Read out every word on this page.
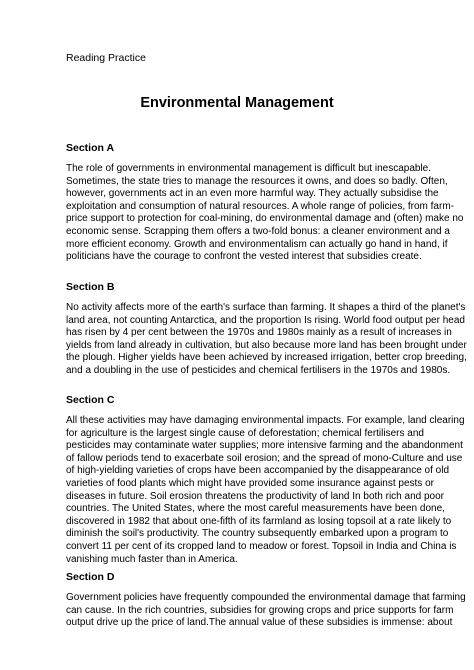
Reading Practice
Environmental Management
Section A
The role of governments in environmental management is difficult but inescapable.
Sometimes, the state tries to manage the resources it owns, and does so badly. Often,
however, governments act in an even more harmful way. They actually subsidise the
exploitation and consumption of natural resources. A whole range of policies, from farm-
price support to protection for coal-mining, do environmental damage and (often) make no
economic sense. Scrapping them offers a two-fold bonus: a cleaner environment and a
more efficient economy. Growth and environmentalism can actually go hand in hand, if
politicians have the courage to confront the vested interest that subsidies create.
Section B
No activity affects more of the earth's surface than farming. It shapes a third of the planet's
land area, not counting Antarctica, and the proportion Is rising. World food output per head
has risen by 4 per cent between the 1970s and 1980s mainly as a result of increases in
yields from land already in cultivation, but also because more land has been brought under
the plough. Higher yields have been achieved by increased irrigation, better crop breeding,
and a doubling in the use of pesticides and chemical fertilisers in the 1970s and 1980s.
Section C
All these activities may have damaging environmental impacts. For example, land clearing
for agriculture is the largest single cause of deforestation; chemical fertilisers and
pesticides may contaminate water supplies; more intensive farming and the abandonment
of fallow periods tend to exacerbate soil erosion; and the spread of mono-Culture and use
of high-yielding varieties of crops have been accompanied by the disappearance of old
varieties of food plants which might have provided some insurance against pests or
diseases in future. Soil erosion threatens the productivity of land In both rich and poor
countries. The United States, where the most careful measurements have been done,
discovered in 1982 that about one-fifth of its farmland as losing topsoil at a rate likely to
diminish the soil's productivity. The country subsequently embarked upon a program to
convert 11 per cent of its cropped land to meadow or forest. Topsoil in India and China is
vanishing much faster than in America.
Section D
Government policies have frequently compounded the environmental damage that farming
can cause. In the rich countries, subsidies for growing crops and price supports for farm
output drive up the price of land.The annual value of these subsidies is immense: about
